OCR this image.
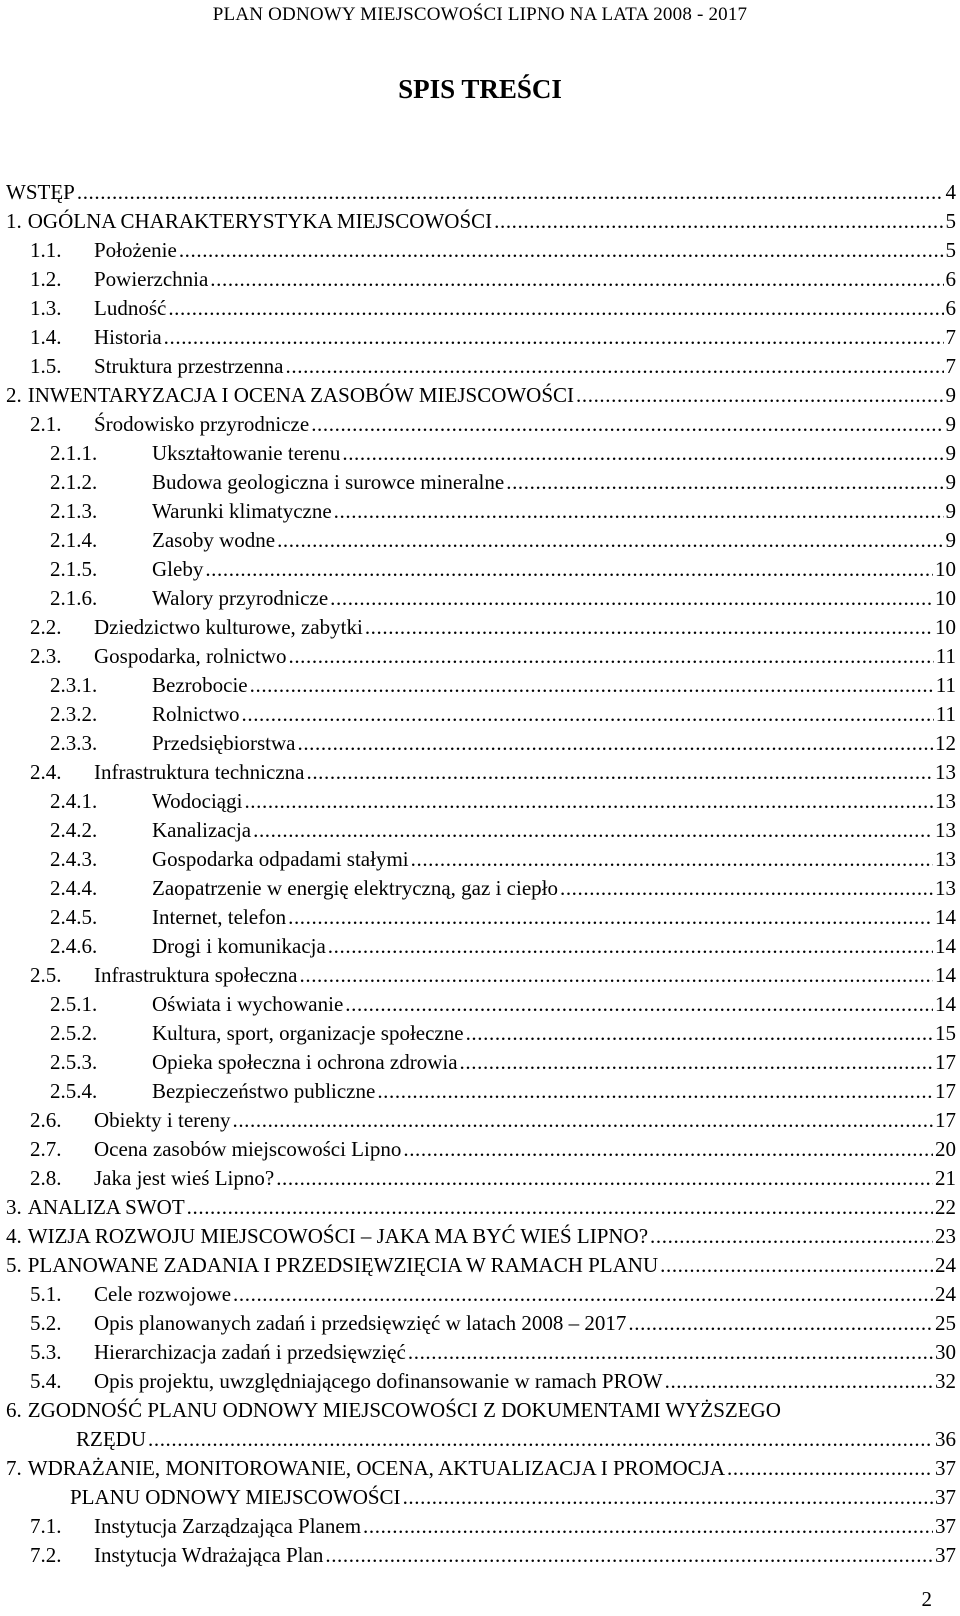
PLAN ODNOWY MIEJSCOWOŚCI LIPNO NA LATA 2008 - 2017
SPIS TREŚCI
WSTĘP .....	4
1. OGÓLNA CHARAKTERYSTYKA MIEJSCOWOŚCI .....	5
1.1.	Położenie .....	5
1.2.	Powierzchnia .....	6
1.3.	Ludność .....	6
1.4.	Historia .....	7
1.5.	Struktura przestrzenna .....	7
2. INWENTARYZACJA I OCENA ZASOBÓW MIEJSCOWOŚCI .....	9
2.1.	Środowisko przyrodnicze .....	9
2.1.1.	Ukształtowanie terenu .....	9
2.1.2.	Budowa geologiczna i surowce mineralne .....	9
2.1.3.	Warunki klimatyczne .....	9
2.1.4.	Zasoby wodne .....	9
2.1.5.	Gleby .....	10
2.1.6.	Walory przyrodnicze .....	10
2.2.	Dziedzictwo kulturowe, zabytki .....	10
2.3.	Gospodarka, rolnictwo .....	11
2.3.1.	Bezrobocie .....	11
2.3.2.	Rolnictwo .....	11
2.3.3.	Przedsiębiorstwa .....	12
2.4.	Infrastruktura techniczna .....	13
2.4.1.	Wodociągi .....	13
2.4.2.	Kanalizacja .....	13
2.4.3.	Gospodarka odpadami stałymi .....	13
2.4.4.	Zaopatrzenie w energię elektryczną, gaz i ciepło .....	13
2.4.5.	Internet, telefon .....	14
2.4.6.	Drogi i komunikacja .....	14
2.5.	Infrastruktura społeczna .....	14
2.5.1.	Oświata i wychowanie .....	14
2.5.2.	Kultura, sport, organizacje społeczne .....	15
2.5.3.	Opieka społeczna i ochrona zdrowia .....	17
2.5.4.	Bezpieczeństwo publiczne .....	17
2.6.	Obiekty i tereny .....	17
2.7.	Ocena zasobów miejscowości Lipno .....	20
2.8.	Jaka jest wieś Lipno? .....	21
3. ANALIZA SWOT .....	22
4. WIZJA ROZWOJU MIEJSCOWOŚCI – JAKA MA BYĆ WIEŚ LIPNO? .....	23
5. PLANOWANE ZADANIA I PRZEDSIĘWZIĘCIA W RAMACH PLANU .....	24
5.1.	Cele rozwojowe .....	24
5.2.	Opis planowanych zadań i przedsięwzięć w latach 2008 – 2017 .....	25
5.3.	Hierarchizacja zadań i przedsięwzięć .....	30
5.4.	Opis projektu, uwzględniającego dofinansowanie w ramach PROW .....	32
6. ZGODNOŚĆ PLANU ODNOWY MIEJSCOWOŚCI Z DOKUMENTAMI WYŻSZEGO
RZĘDU .....	36
7. WDRAŻANIE, MONITOROWANIE, OCENA, AKTUALIZACJA I PROMOCJA .....	37
PLANU ODNOWY MIEJSCOWOŚCI .....	37
7.1.	Instytucja Zarządzająca Planem .....	37
7.2.	Instytucja Wdrażająca Plan .....	37
2
